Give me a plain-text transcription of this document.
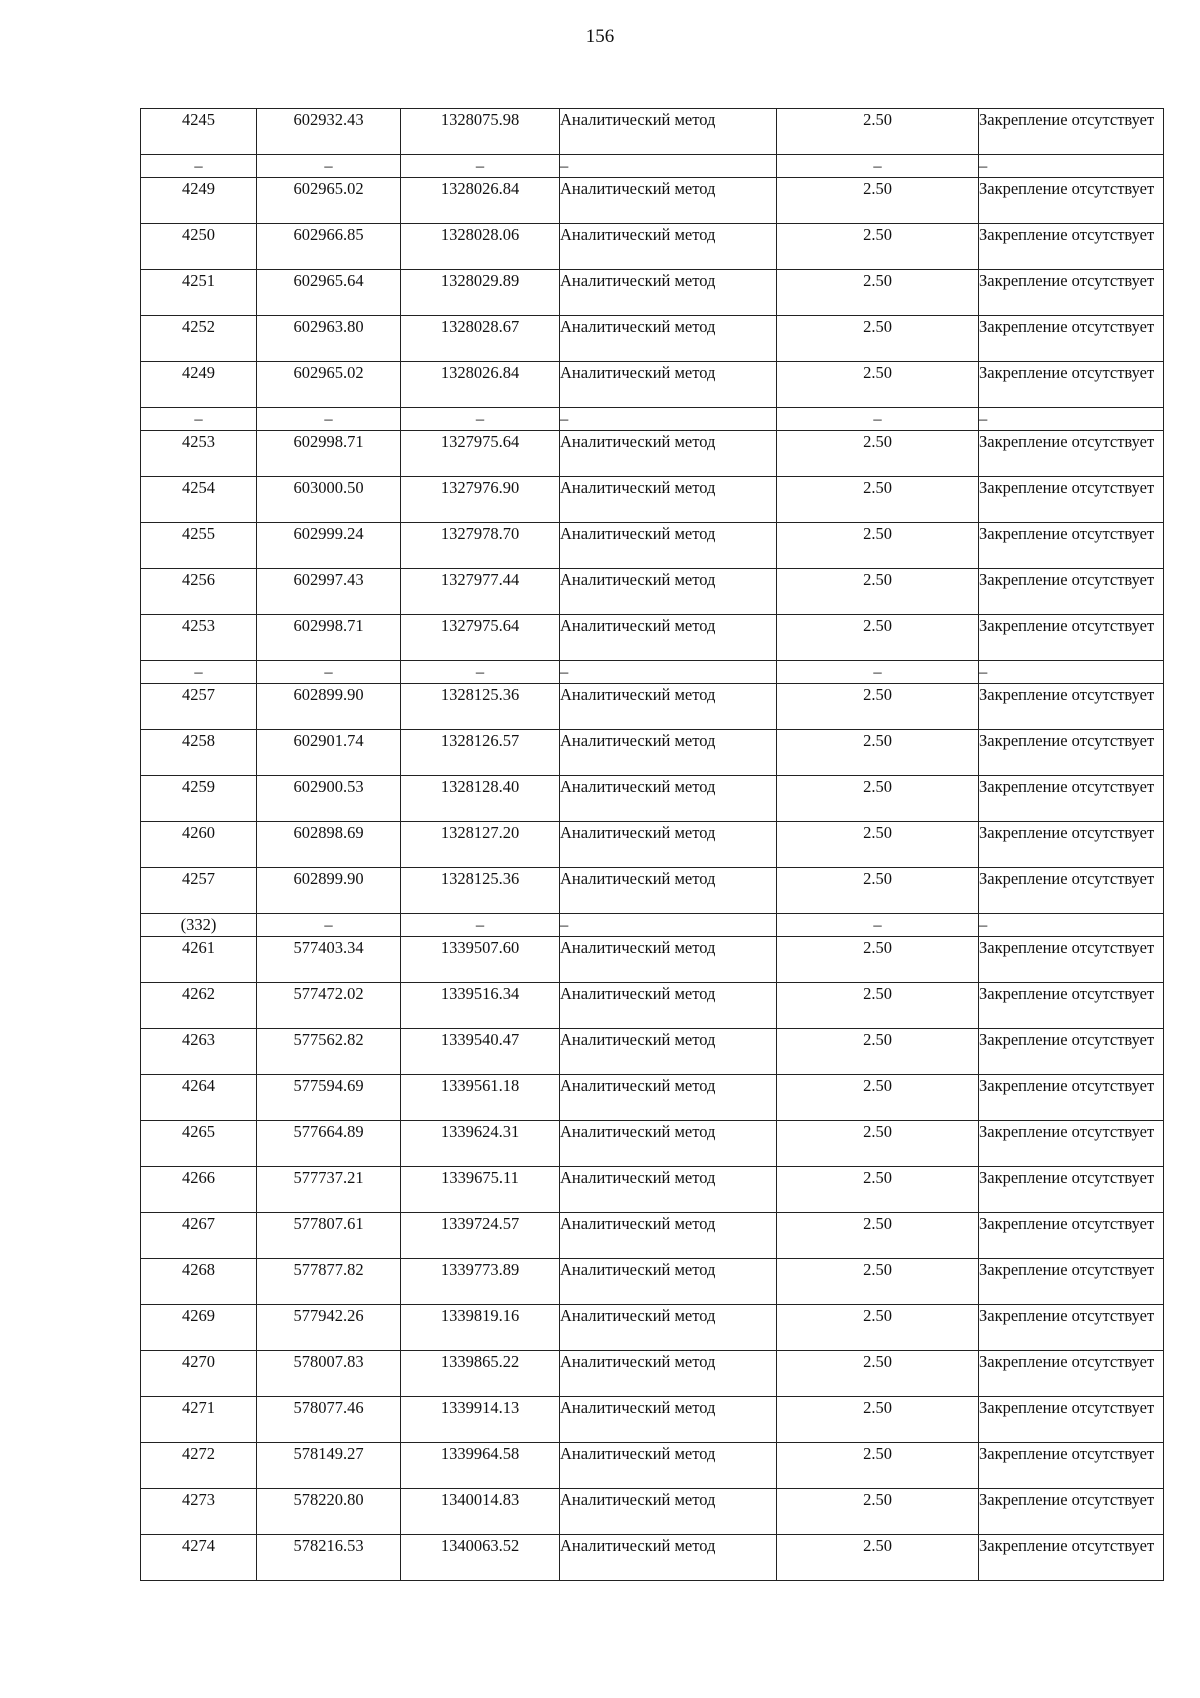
156
4245	602932.43	1328075.98	Аналитический метод	2.50	Закрепление отсутствует
–	–	–	–	–	–
4249	602965.02	1328026.84	Аналитический метод	2.50	Закрепление отсутствует
4250	602966.85	1328028.06	Аналитический метод	2.50	Закрепление отсутствует
4251	602965.64	1328029.89	Аналитический метод	2.50	Закрепление отсутствует
4252	602963.80	1328028.67	Аналитический метод	2.50	Закрепление отсутствует
4249	602965.02	1328026.84	Аналитический метод	2.50	Закрепление отсутствует
–	–	–	–	–	–
4253	602998.71	1327975.64	Аналитический метод	2.50	Закрепление отсутствует
4254	603000.50	1327976.90	Аналитический метод	2.50	Закрепление отсутствует
4255	602999.24	1327978.70	Аналитический метод	2.50	Закрепление отсутствует
4256	602997.43	1327977.44	Аналитический метод	2.50	Закрепление отсутствует
4253	602998.71	1327975.64	Аналитический метод	2.50	Закрепление отсутствует
–	–	–	–	–	–
4257	602899.90	1328125.36	Аналитический метод	2.50	Закрепление отсутствует
4258	602901.74	1328126.57	Аналитический метод	2.50	Закрепление отсутствует
4259	602900.53	1328128.40	Аналитический метод	2.50	Закрепление отсутствует
4260	602898.69	1328127.20	Аналитический метод	2.50	Закрепление отсутствует
4257	602899.90	1328125.36	Аналитический метод	2.50	Закрепление отсутствует
(332)	–	–	–	–	–
4261	577403.34	1339507.60	Аналитический метод	2.50	Закрепление отсутствует
4262	577472.02	1339516.34	Аналитический метод	2.50	Закрепление отсутствует
4263	577562.82	1339540.47	Аналитический метод	2.50	Закрепление отсутствует
4264	577594.69	1339561.18	Аналитический метод	2.50	Закрепление отсутствует
4265	577664.89	1339624.31	Аналитический метод	2.50	Закрепление отсутствует
4266	577737.21	1339675.11	Аналитический метод	2.50	Закрепление отсутствует
4267	577807.61	1339724.57	Аналитический метод	2.50	Закрепление отсутствует
4268	577877.82	1339773.89	Аналитический метод	2.50	Закрепление отсутствует
4269	577942.26	1339819.16	Аналитический метод	2.50	Закрепление отсутствует
4270	578007.83	1339865.22	Аналитический метод	2.50	Закрепление отсутствует
4271	578077.46	1339914.13	Аналитический метод	2.50	Закрепление отсутствует
4272	578149.27	1339964.58	Аналитический метод	2.50	Закрепление отсутствует
4273	578220.80	1340014.83	Аналитический метод	2.50	Закрепление отсутствует
4274	578216.53	1340063.52	Аналитический метод	2.50	Закрепление отсутствует
